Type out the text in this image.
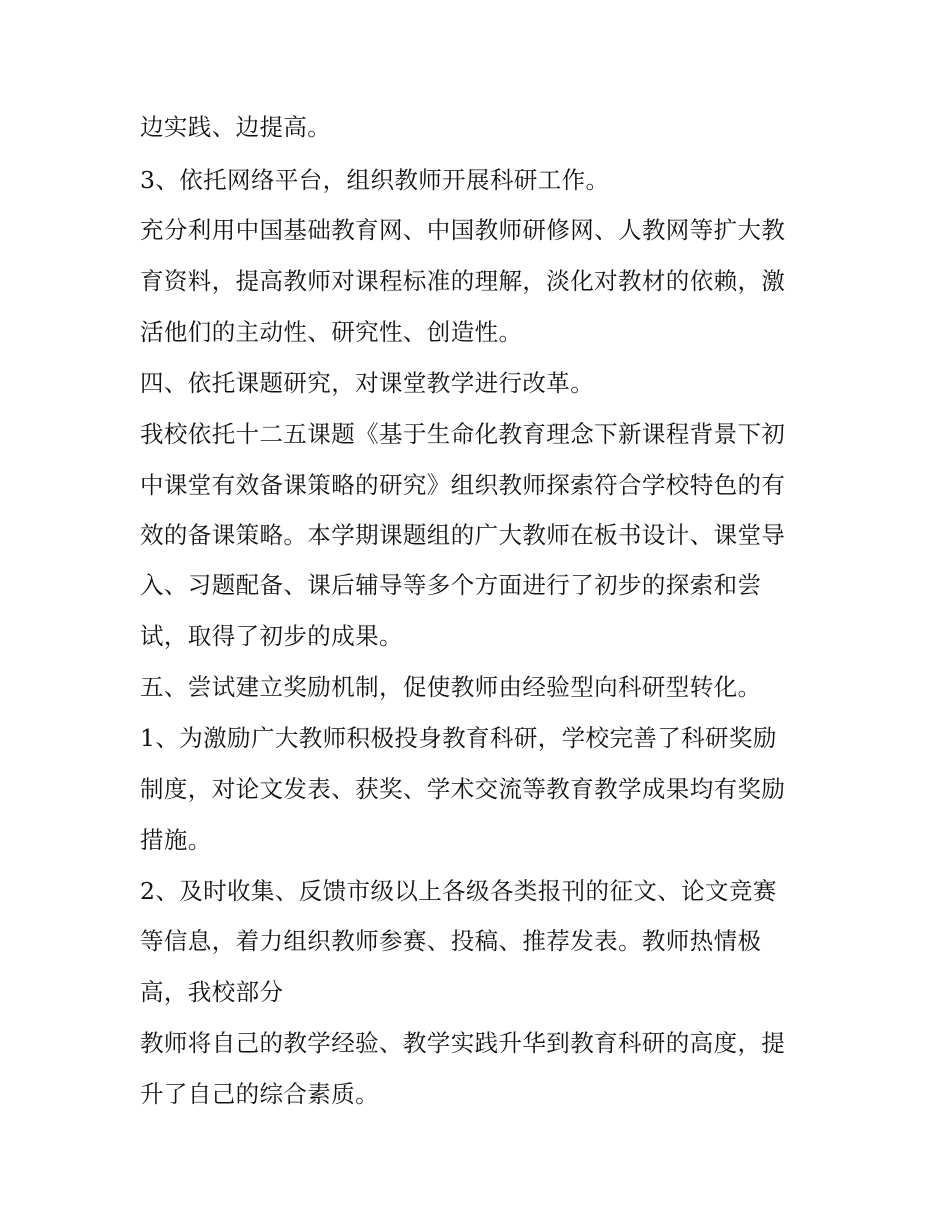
边实践、边提高。
3、依托网络平台，组织教师开展科研工作。
充分利用中国基础教育网、中国教师研修网、人教网等扩大教
育资料，提高教师对课程标准的理解，淡化对教材的依赖，激
活他们的主动性、研究性、创造性。
四、依托课题研究，对课堂教学进行改革。
我校依托十二五课题《基于生命化教育理念下新课程背景下初
中课堂有效备课策略的研究》组织教师探索符合学校特色的有
效的备课策略。本学期课题组的广大教师在板书设计、课堂导
入、习题配备、课后辅导等多个方面进行了初步的探索和尝
试，取得了初步的成果。
五、尝试建立奖励机制，促使教师由经验型向科研型转化。
1、为激励广大教师积极投身教育科研，学校完善了科研奖励
制度，对论文发表、获奖、学术交流等教育教学成果均有奖励
措施。
2、及时收集、反馈市级以上各级各类报刊的征文、论文竞赛
等信息，着力组织教师参赛、投稿、推荐发表。教师热情极
高，我校部分
教师将自己的教学经验、教学实践升华到教育科研的高度，提
升了自己的综合素质。
